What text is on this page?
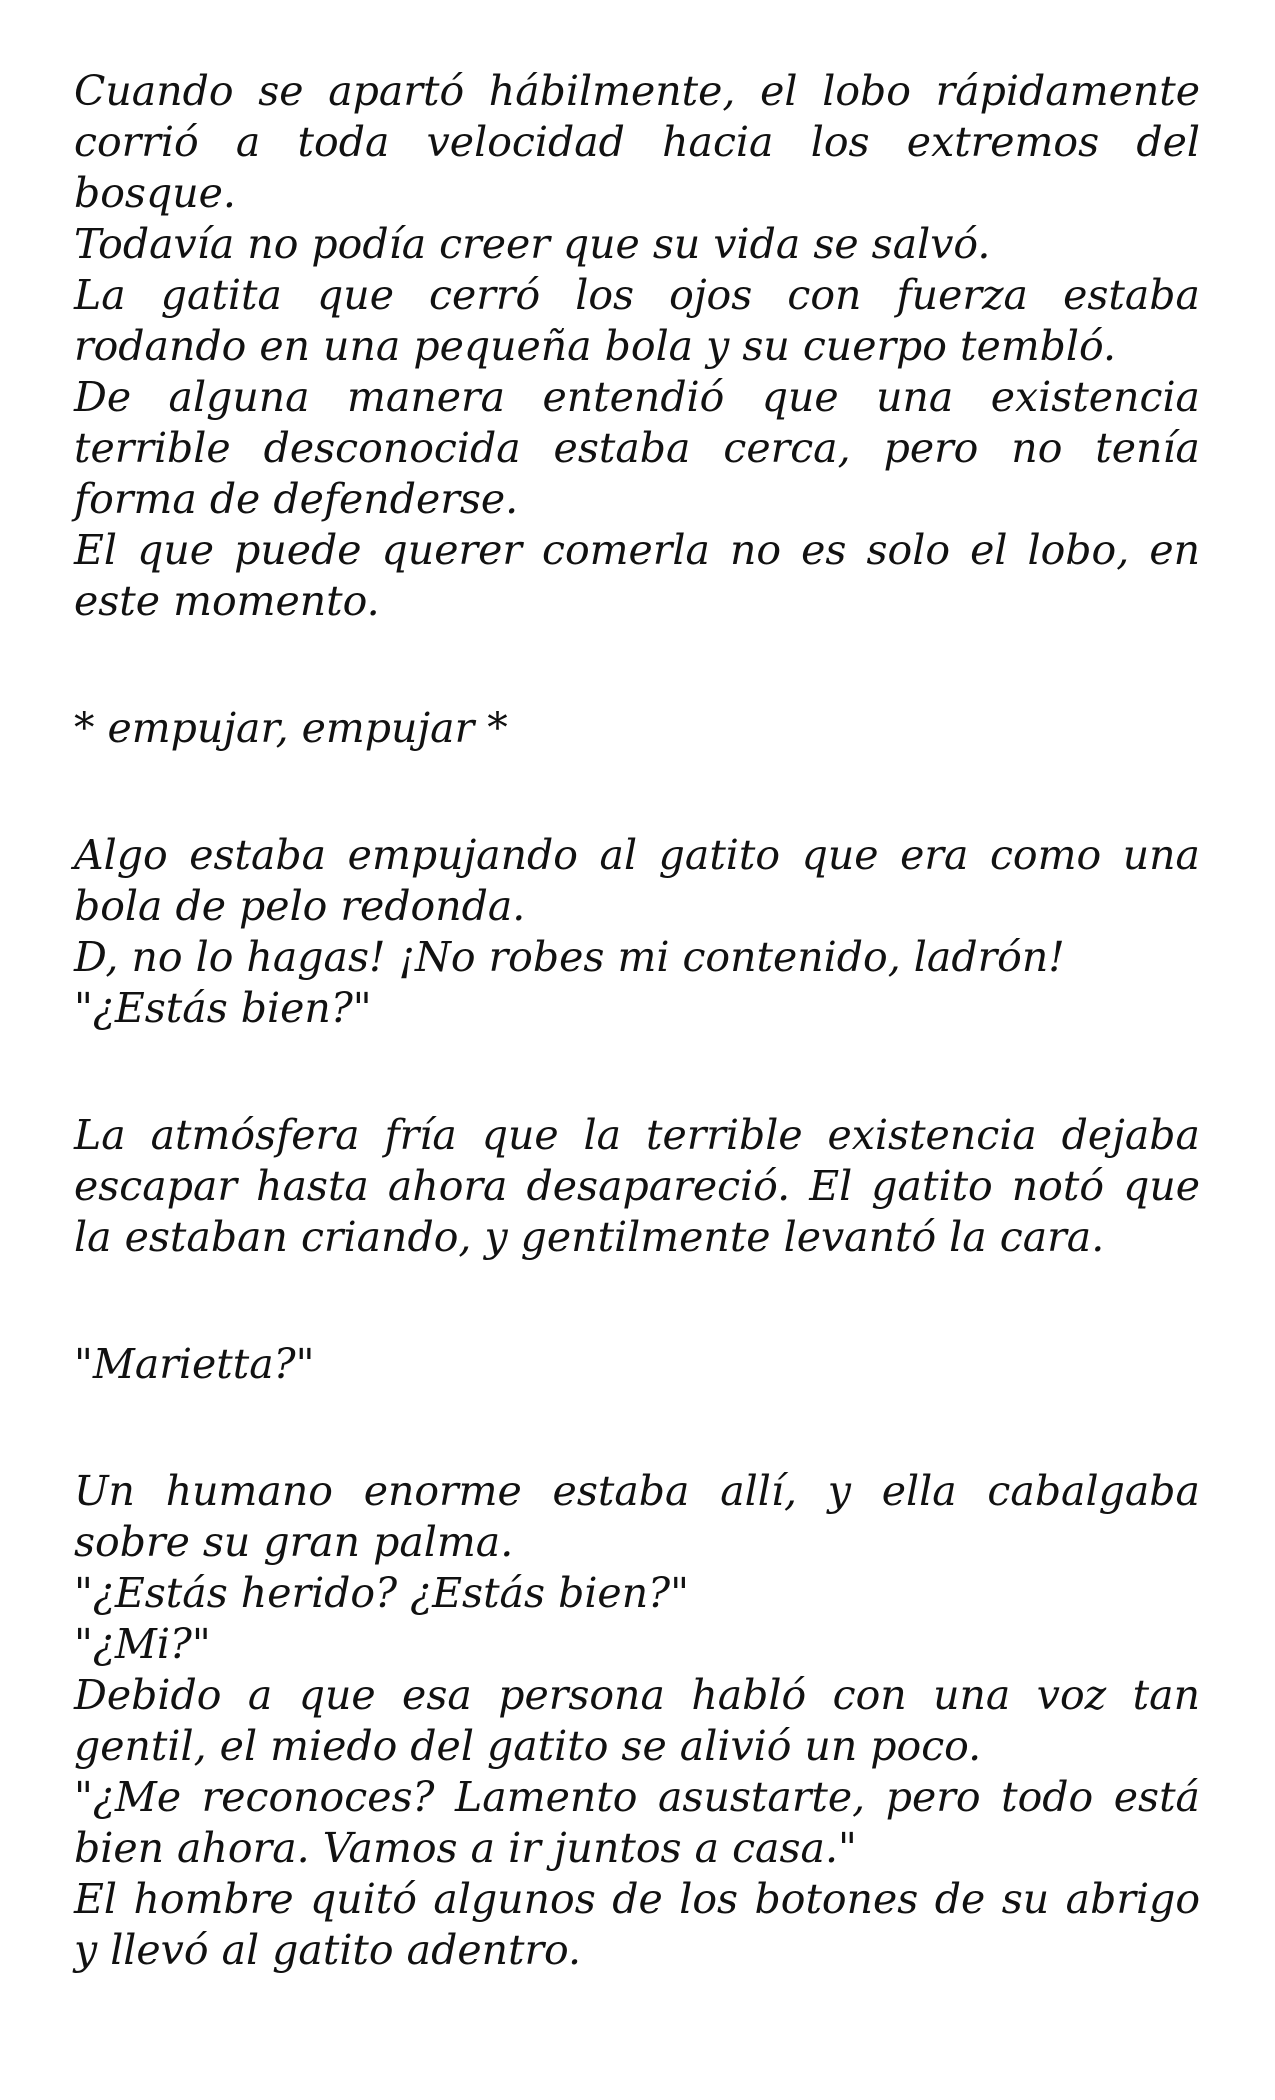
Cuando se apartó hábilmente, el lobo rápidamente corrió a toda velocidad hacia los extremos del bosque.

Todavía no podía creer que su vida se salvó.

La gatita que cerró los ojos con fuerza estaba rodando en una pequeña bola y su cuerpo tembló.

De alguna manera entendió que una existencia terrible desconocida estaba cerca, pero no tenía forma de defenderse.

El que puede querer comerla no es solo el lobo, en este momento.

* empujar, empujar *

Algo estaba empujando al gatito que era como una bola de pelo redonda.

D, no lo hagas! ¡No robes mi contenido, ladrón!

"¿Estás bien?"

La atmósfera fría que la terrible existencia dejaba escapar hasta ahora desapareció. El gatito notó que la estaban criando, y gentilmente levantó la cara.

"Marietta?"

Un humano enorme estaba allí, y ella cabalgaba sobre su gran palma.

"¿Estás herido? ¿Estás bien?"

"¿Mi?"

Debido a que esa persona habló con una voz tan gentil, el miedo del gatito se alivió un poco.

"¿Me reconoces? Lamento asustarte, pero todo está bien ahora. Vamos a ir juntos a casa."

El hombre quitó algunos de los botones de su abrigo y llevó al gatito adentro.
